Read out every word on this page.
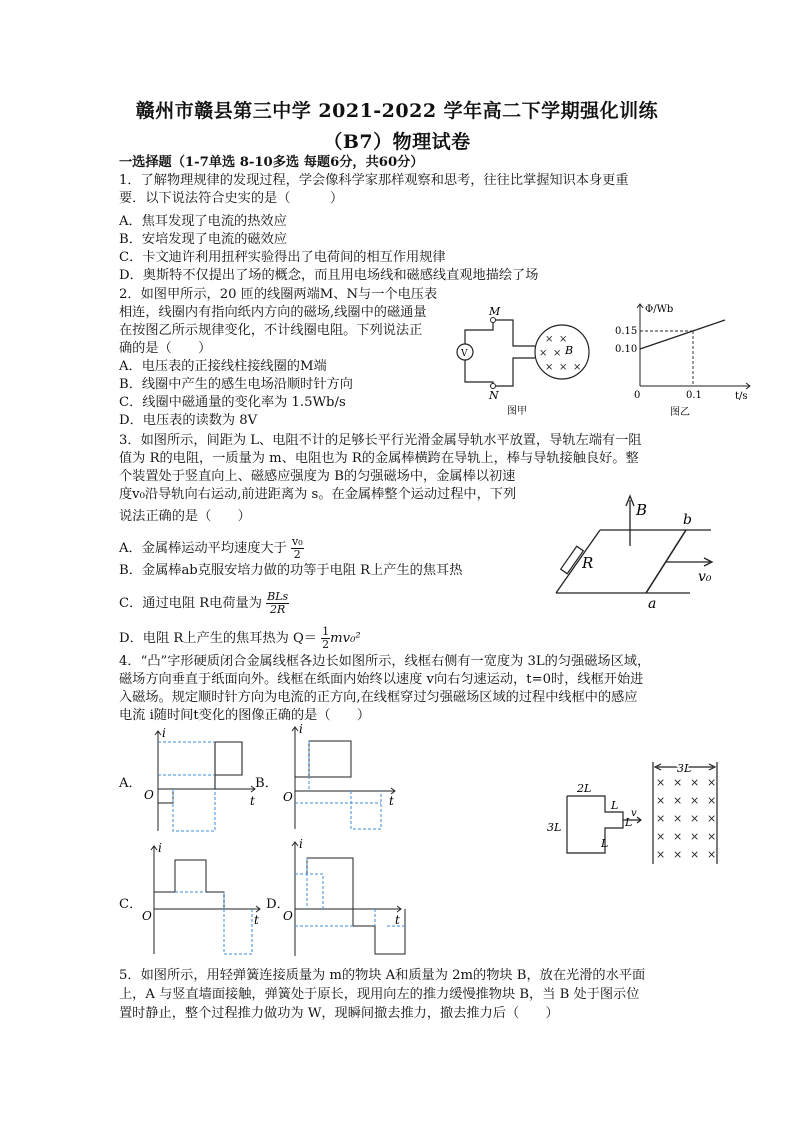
赣州市赣县第三中学 2021-2022 学年高二下学期强化训练
（B7）物理试卷
一选择题（1-7单选 8-10多选 每题6分，共60分）
1．了解物理规律的发现过程，学会像科学家那样观察和思考，往往比掌握知识本身更重
要．以下说法符合史实的是（　　　）
A．焦耳发现了电流的热效应
B．安培发现了电流的磁效应
C．卡文迪许利用扭秤实验得出了电荷间的相互作用规律
D．奥斯特不仅提出了场的概念，而且用电场线和磁感线直观地描绘了场
2．如图甲所示，20 匝的线圈两端M、N与一个电压表
相连，线圈内有指向纸内方向的磁场,线圈中的磁通量
在按图乙所示规律变化，不计线圈电阻。下列说法正
确的是（　　）
A．电压表的正接线柱接线圈的M端
B．线圈中产生的感生电场沿顺时针方向
C．线圈中磁通量的变化率为 1.5Wb/s
D．电压表的读数为 8V
M
N
V
× ×
× ×
× × ×
B
图甲
Φ/Wb
t/s
0
0.15
0.10
0.1
图乙
3．如图所示，间距为 L、电阻不计的足够长平行光滑金属导轨水平放置，导轨左端有一阻
值为 R的电阻，一质量为 m、电阻也为 R的金属棒横跨在导轨上，棒与导轨接触良好。整
个装置处于竖直向上、磁感应强度为 B的匀强磁场中，金属棒以初速
度v₀沿导轨向右运动,前进距离为 s。在金属棒整个运动过程中，下列
说法正确的是（　　）
A．金属棒运动平均速度大于 $\frac{\text{v₀}}{2}$
B．金属棒ab克服安培力做的功等于电阻 R上产生的焦耳热
C．通过电阻 R电荷量为 BLs
2R
D．电阻 R上产生的焦耳热为 $Q= \frac{1}{2} mv_0^2$
B
b
a
R
v₀
4．“凸”字形硬质闭合金属线框各边长如图所示，线框右侧有一宽度为 3L的匀强磁场区域，
磁场方向垂直于纸面向外。线框在纸面内始终以速度 v向右匀速运动，t=0时，线框开始进
入磁场。规定顺时针方向为电流的正方向,在线框穿过匀强磁场区域的过程中线框中的感应
电流 i随时间t变化的图像正确的是（　　）
A．	B．
C．	D．
i
t
O
i
t
O
i
t
O
i
t
O
3L
2L
3L
L
L
L
v
× × × ×
× × × ×
× × × ×
× × × ×
× × × ×
5．如图所示，用轻弹簧连接质量为 m的物块 A和质量为 2m的物块 B，放在光滑的水平面
上，A 与竖直墙面接触，弹簧处于原长，现用向左的推力缓慢推物块 B，当 B 处于图示位
置时静止，整个过程推力做功为 W，现瞬间撤去推力，撤去推力后（　　）
